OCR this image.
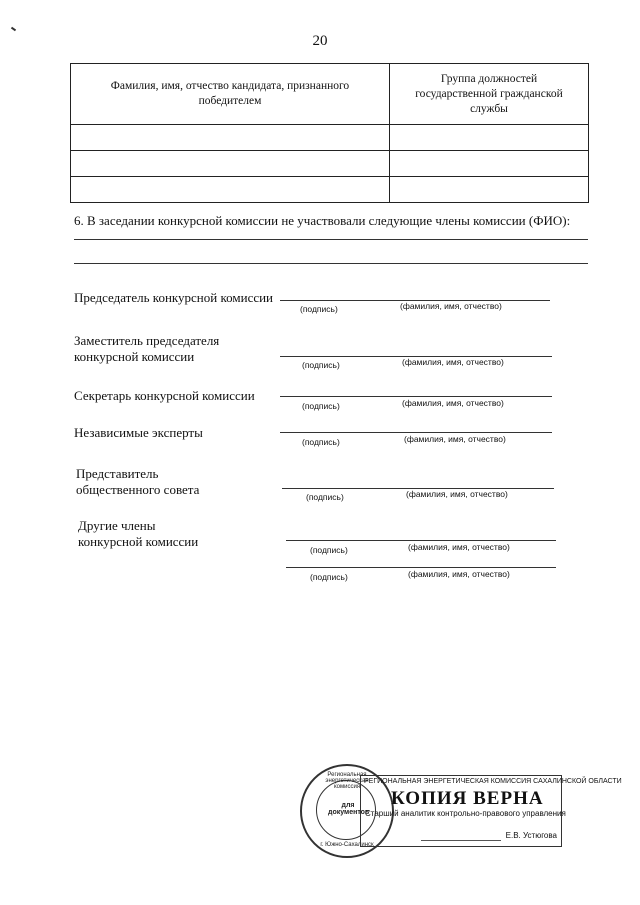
20
Фамилия, имя, отчество кандидата, признанного победителем	Группа должностей государственной гражданской службы

6. В заседании конкурсной комиссии не участвовали следующие члены комиссии (ФИО):
Председатель конкурсной комиссии
(подпись)	(фамилия, имя, отчество)
Заместитель председателя
конкурсной комиссии
(подпись)	(фамилия, имя, отчество)
Секретарь конкурсной комиссии
(подпись)	(фамилия, имя, отчество)
Независимые эксперты
(подпись)	(фамилия, имя, отчество)
Представитель
общественного совета	(подпись)	(фамилия, имя, отчество)
Другие члены
конкурсной комиссии
(подпись)	(фамилия, имя, отчество)
(подпись)	(фамилия, имя, отчество)
Региональная энергетическая комиссия
для документов
г. Южно-Сахалинск
РЕГИОНАЛЬНАЯ ЭНЕРГЕТИЧЕСКАЯ КОМИССИЯ САХАЛИНСКОЙ ОБЛАСТИ
КОПИЯ ВЕРНА
Старший аналитик контрольно-правового управления
Е.В. Устюгова
